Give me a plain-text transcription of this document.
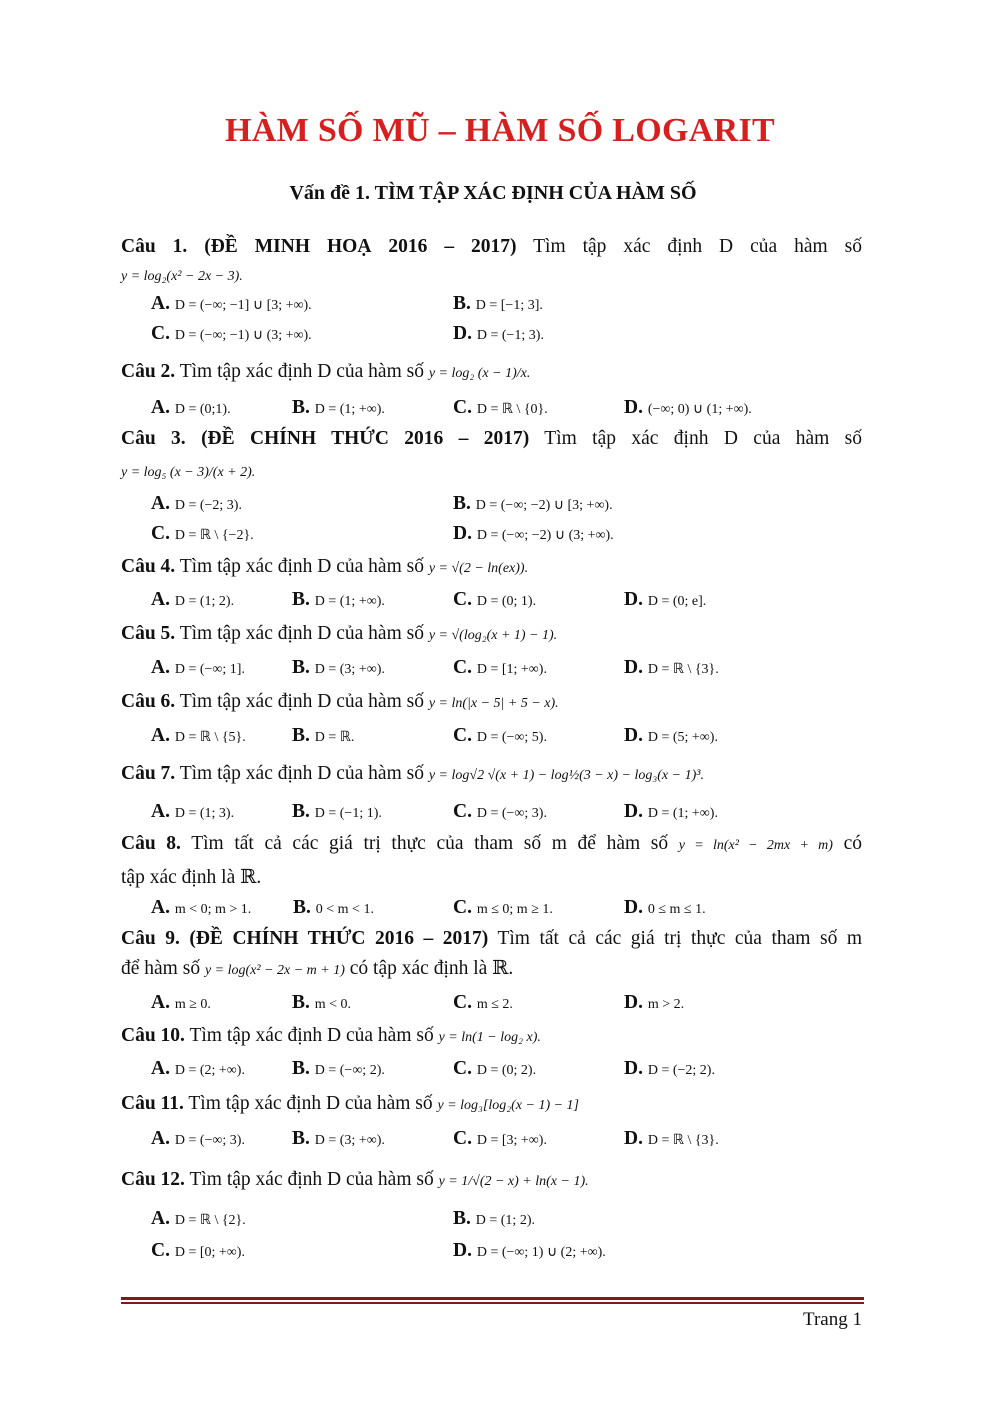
HÀM SỐ MŨ – HÀM SỐ LOGARIT
Vấn đề 1. TÌM TẬP XÁC ĐỊNH CỦA HÀM SỐ
Câu 1. (ĐỀ MINH HOẠ 2016 – 2017) Tìm tập xác định D của hàm số
y = log₂(x² − 2x − 3).
A. D = (−∞; −1] ∪ [3; +∞).	B. D = [−1; 3].
C. D = (−∞; −1) ∪ (3; +∞).	D. D = (−1; 3).
Câu 2. Tìm tập xác định D của hàm số y = log₂ (x − 1)/x.
A. D = (0;1).	B. D = (1; +∞).	C. D = ℝ \ {0}.	D. (−∞; 0) ∪ (1; +∞).
Câu 3. (ĐỀ CHÍNH THỨC 2016 – 2017) Tìm tập xác định D của hàm số
y = log₅ (x − 3)/(x + 2).
A. D = (−2; 3).	B. D = (−∞; −2) ∪ [3; +∞).
C. D = ℝ \ {−2}.	D. D = (−∞; −2) ∪ (3; +∞).
Câu 4. Tìm tập xác định D của hàm số y = √(2 − ln(ex)).
A. D = (1; 2).	B. D = (1; +∞).	C. D = (0; 1).	D. D = (0; e].
Câu 5. Tìm tập xác định D của hàm số y = √(log₂(x + 1) − 1).
A. D = (−∞; 1].	B. D = (3; +∞).	C. D = [1; +∞).	D. D = ℝ \ {3}.
Câu 6. Tìm tập xác định D của hàm số y = ln(|x − 5| + 5 − x).
A. D = ℝ \ {5}.	B. D = ℝ.	C. D = (−∞; 5).	D. D = (5; +∞).
Câu 7. Tìm tập xác định D của hàm số y = log√2 √(x + 1) − log½(3 − x) − log₃(x − 1)³.
A. D = (1; 3).	B. D = (−1; 1).	C. D = (−∞; 3).	D. D = (1; +∞).
Câu 8. Tìm tất cả các giá trị thực của tham số m để hàm số y = ln(x² − 2mx + m) có
tập xác định là ℝ.
A. m < 0; m > 1.	B. 0 < m < 1.	C. m ≤ 0; m ≥ 1.	D. 0 ≤ m ≤ 1.
Câu 9. (ĐỀ CHÍNH THỨC 2016 – 2017) Tìm tất cả các giá trị thực của tham số m
để hàm số y = log(x² − 2x − m + 1) có tập xác định là ℝ.
A. m ≥ 0.	B. m < 0.	C. m ≤ 2.	D. m > 2.
Câu 10. Tìm tập xác định D của hàm số y = ln(1 − log₂ x).
A. D = (2; +∞).	B. D = (−∞; 2).	C. D = (0; 2).	D. D = (−2; 2).
Câu 11. Tìm tập xác định D của hàm số y = log₃[log₂(x − 1) − 1]
A. D = (−∞; 3).	B. D = (3; +∞).	C. D = [3; +∞).	D. D = ℝ \ {3}.
Câu 12. Tìm tập xác định D của hàm số y = 1/√(2 − x) + ln(x − 1).
A. D = ℝ \ {2}.	B. D = (1; 2).
C. D = [0; +∞).	D. D = (−∞; 1) ∪ (2; +∞).
Trang 1
